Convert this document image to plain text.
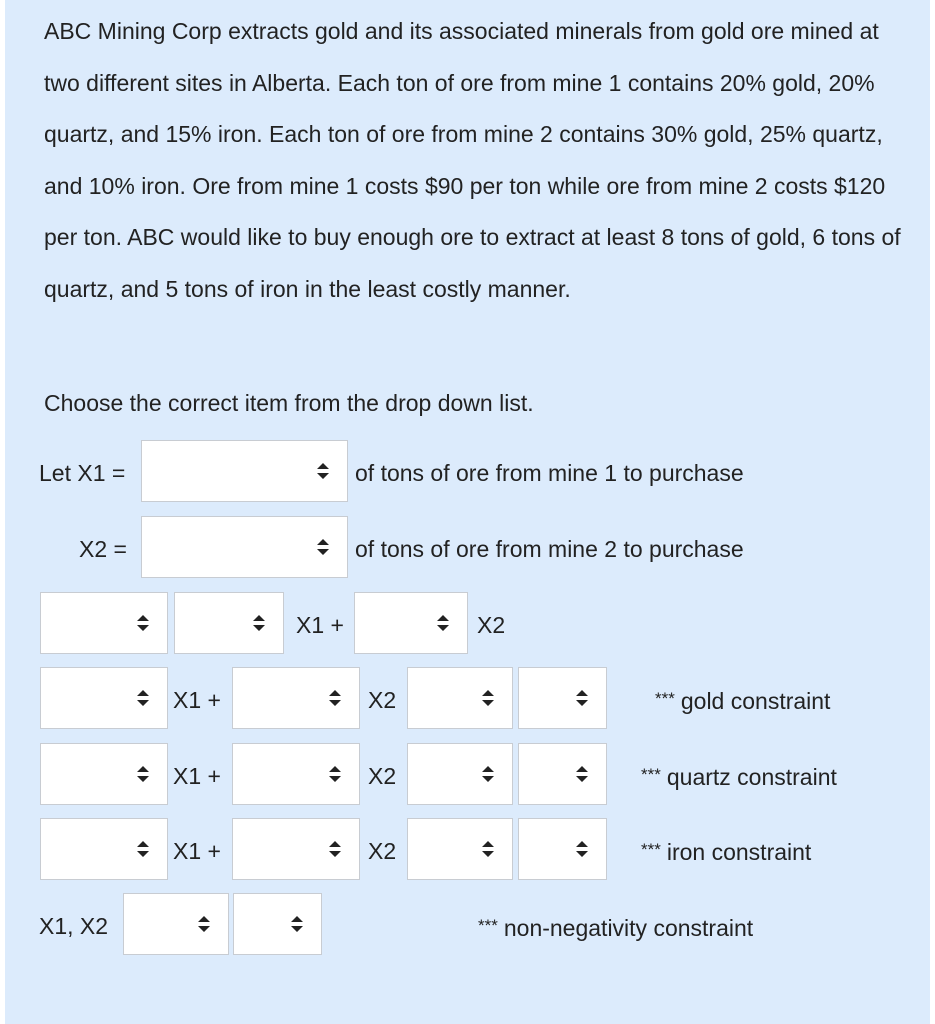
ABC Mining Corp extracts gold and its associated minerals from gold ore mined at two different sites in Alberta. Each ton of ore from mine 1 contains 20% gold, 20% quartz, and 15% iron. Each ton of ore from mine 2 contains 30% gold, 25% quartz, and 10% iron. Ore from mine 1 costs $90 per ton while ore from mine 2 costs $120 per ton. ABC would like to buy enough ore to extract at least 8 tons of gold, 6 tons of quartz, and 5 tons of iron in the least costly manner.

Choose the correct item from the drop down list.
Let X1 =	of tons of ore from mine 1 to purchase
X2 =	of tons of ore from mine 2 to purchase
X1 +	X2
X1 +	X2	*** gold constraint
X1 +	X2	*** quartz constraint
X1 +	X2	*** iron constraint
X1, X2	*** non-negativity constraint
